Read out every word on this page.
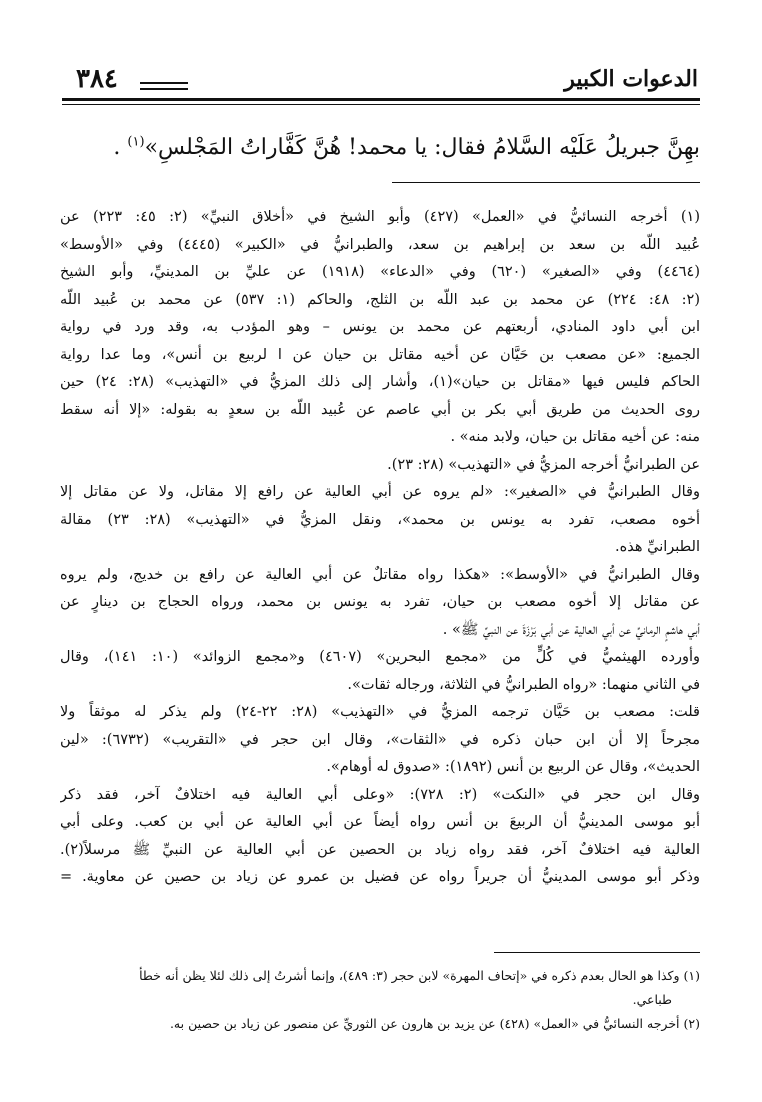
الدعوات الكبير
٣٨٤
بهِنَّ جبريلُ عَلَيْه السَّلامُ فقال: يا محمد! هُنَّ كَفَّاراتُ المَجْلسِ»$^{(١)}$ .
(١) أخرجه النسائيُّ في «العمل» (٤٢٧) وأبو الشيخ في «أخلاق النبيِّ» (٢: ٤٥: ٢٢٣) عن
عُبيد اللّه بن سعد بن إبراهيم بن سعد، والطبرانيُّ في «الكبير» (٤٤٤٥) وفي «الأوسط»
(٤٤٦٤) وفي «الصغير» (٦٢٠) وفي «الدعاء» (١٩١٨) عن عليِّ بن المدينيِّ، وأبو الشيخ
(٢: ٤٨: ٢٢٤) عن محمد بن عبد اللّه بن الثلج، والحاكم (١: ٥٣٧) عن محمد بن عُبيد اللّه
ابن أبي داود المنادي، أربعتهم عن محمد بن يونس – وهو المؤدب به، وقد ورد في رواية
الجميع: «عن مصعب بن حَيَّان عن أخيه مقاتل بن حيان عن ا لربيع بن أنس»، وما عدا رواية
الحاكم فليس فيها «مقاتل بن حيان»(١)، وأشار إلى ذلك المزيُّ في «التهذيب» (٢٨: ٢٤) حين
روى الحديث من طريق أبي بكر بن أبي عاصم عن عُبيد اللّه بن سعدٍ به بقوله: «إلا أنه سقط
منه: عن أخيه مقاتل بن حيان، ولابد منه» .
عن الطبرانيُّ أخرجه المزيُّ في «التهذيب» (٢٨: ٢٣).
وقال الطبرانيُّ في «الصغير»: «لم يروه عن أبي العالية عن رافع إلا مقاتل، ولا عن مقاتل إلا
أخوه مصعب، تفرد به يونس بن محمد»، ونقل المزيُّ في «التهذيب» (٢٨: ٢٣) مقالة
الطبرانيِّ هذه.
وقال الطبرانيُّ في «الأوسط»: «هكذا رواه مقاتلٌ عن أبي العالية عن رافع بن خديج، ولم يروه
عن مقاتل إلا أخوه مصعب بن حيان، تفرد به يونس بن محمد، ورواه الحجاج بن دينارٍ عن
أبي هاشمٍ الرمانيِّ عن أبي العالية عن أبي بَرْزَةَ عن النبيِّ ﷺ» .
وأورده الهيثميُّ في كُلٍّ من «مجمع البحرين» (٤٦٠٧) و«مجمع الزوائد» (١٠: ١٤١)، وقال
في الثاني منهما: «رواه الطبرانيُّ في الثلاثة، ورجاله ثقات».
قلت: مصعب بن حَيَّان ترجمه المزيُّ في «التهذيب» (٢٨: ٢٢-٢٤) ولم يذكر له موثقاً ولا
مجرحاً إلا أن ابن حبان ذكره في «الثقات»، وقال ابن حجر في «التقريب» (٦٧٣٢): «لين
الحديث»، وقال عن الربيع بن أنس (١٨٩٢): «صدوق له أوهام».
وقال ابن حجر في «النكت» (٢: ٧٢٨): «وعلى أبي العالية فيه اختلافٌ آخر، فقد ذكر
أبو موسى المدينيُّ أن الربيعَ بن أنس رواه أيضاً عن أبي العالية عن أبي بن كعب. وعلى أبي
العالية فيه اختلافٌ آخر، فقد رواه زياد بن الحصين عن أبي العالية عن النبيِّ ﷺ مرسلاً(٢).
وذكر أبو موسى المدينيُّ أن جريراً رواه عن فضيل بن عمرو عن زياد بن حصين عن معاوية. =
(١) وكذا هو الحال بعدم ذكره في «إتحاف المهرة» لابن حجر (٣: ٤٨٩)، وإنما أشرتُ إلى ذلك لئلا يظن أنه خطأ
طباعي.
(٢) أخرجه النسائيُّ في «العمل» (٤٢٨) عن يزيد بن هارون عن الثوريِّ عن منصور عن زياد بن حصين به.
